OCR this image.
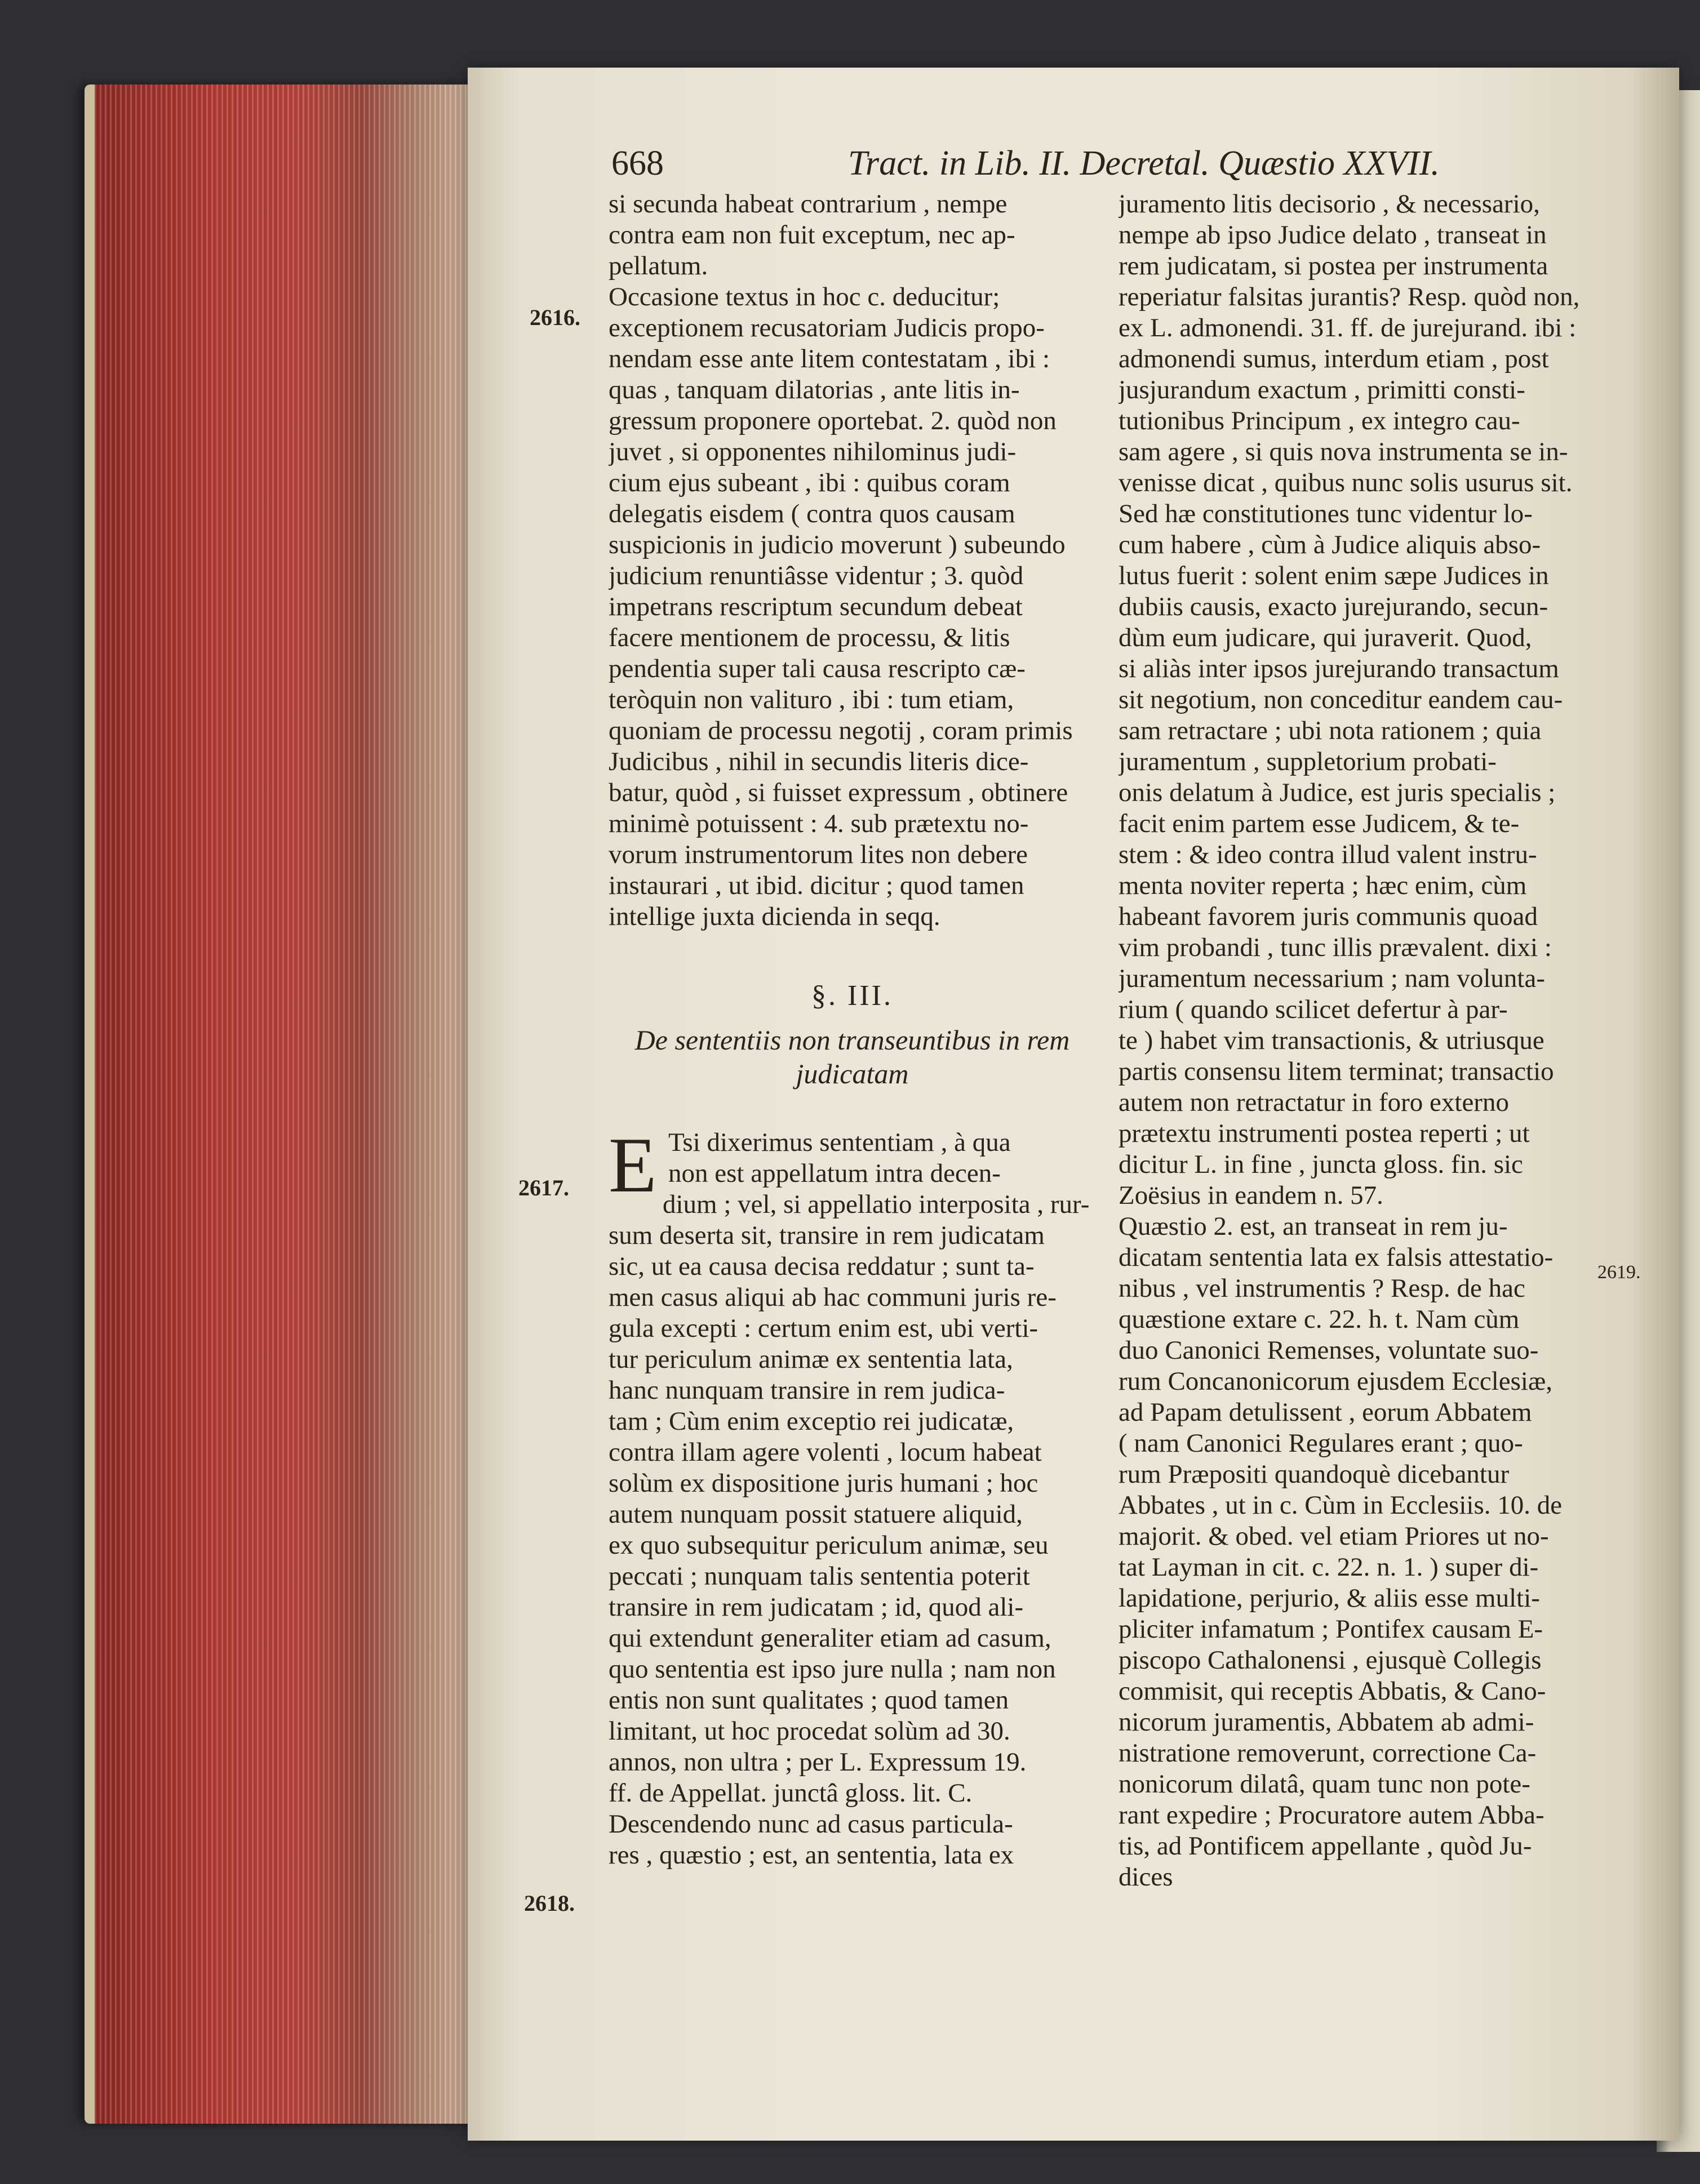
668	Tract. in Lib. II. Decretal. Quæstio XXVII.
2616.
2617.
2618.
2619.
si secunda habeat contrarium , nempe
contra eam non fuit exceptum, nec ap-
pellatum.
Occasione textus in hoc c. deducitur;
exceptionem recusatoriam Judicis propo-
nendam esse ante litem contestatam , ibi :
quas , tanquam dilatorias , ante litis in-
gressum proponere oportebat. 2. quòd non
juvet , si opponentes nihilominus judi-
cium ejus subeant , ibi : quibus coram
delegatis eisdem ( contra quos causam
suspicionis in judicio moverunt ) subeundo
judicium renuntiâsse videntur ; 3. quòd
impetrans rescriptum secundum debeat
facere mentionem de processu, & litis
pendentia super tali causa rescripto cæ-
teròquin non valituro , ibi : tum etiam,
quoniam de processu negotij , coram primis
Judicibus , nihil in secundis literis dice-
batur, quòd , si fuisset expressum , obtinere
minimè potuissent : 4. sub prætextu no-
vorum instrumentorum lites non debere
instaurari , ut ibid. dicitur ; quod tamen
intellige juxta dicienda in seqq.
§. III.
De sententiis non transeuntibus in rem
judicatam
E Tsi dixerimus sententiam , à qua
non est appellatum intra decen-
dium ; vel, si appellatio interposita , rur-
sum deserta sit, transire in rem judicatam
sic, ut ea causa decisa reddatur ; sunt ta-
men casus aliqui ab hac communi juris re-
gula excepti : certum enim est, ubi verti-
tur periculum animæ ex sententia lata,
hanc nunquam transire in rem judica-
tam ; Cùm enim exceptio rei judicatæ,
contra illam agere volenti , locum habeat
solùm ex dispositione juris humani ; hoc
autem nunquam possit statuere aliquid,
ex quo subsequitur periculum animæ, seu
peccati ; nunquam talis sententia poterit
transire in rem judicatam ; id, quod ali-
qui extendunt generaliter etiam ad casum,
quo sententia est ipso jure nulla ; nam non
entis non sunt qualitates ; quod tamen
limitant, ut hoc procedat solùm ad 30.
annos, non ultra ; per L. Expressum 19.
ff. de Appellat. junctâ gloss. lit. C.
Descendendo nunc ad casus particula-
res , quæstio ; est, an sententia, lata ex
juramento litis decisorio , & necessario,
nempe ab ipso Judice delato , transeat in
rem judicatam, si postea per instrumenta
reperiatur falsitas jurantis? Resp. quòd non,
ex L. admonendi. 31. ff. de jurejurand. ibi :
admonendi sumus, interdum etiam , post
jusjurandum exactum , primitti consti-
tutionibus Principum , ex integro cau-
sam agere , si quis nova instrumenta se in-
venisse dicat , quibus nunc solis usurus sit.
Sed hæ constitutiones tunc videntur lo-
cum habere , cùm à Judice aliquis abso-
lutus fuerit : solent enim sæpe Judices in
dubiis causis, exacto jurejurando, secun-
dùm eum judicare, qui juraverit. Quod,
si aliàs inter ipsos jurejurando transactum
sit negotium, non conceditur eandem cau-
sam retractare ; ubi nota rationem ; quia
juramentum , suppletorium probati-
onis delatum à Judice, est juris specialis ;
facit enim partem esse Judicem, & te-
stem : & ideo contra illud valent instru-
menta noviter reperta ; hæc enim, cùm
habeant favorem juris communis quoad
vim probandi , tunc illis prævalent. dixi :
juramentum necessarium ; nam volunta-
rium ( quando scilicet defertur à par-
te ) habet vim transactionis, & utriusque
partis consensu litem terminat; transactio
autem non retractatur in foro externo
prætextu instrumenti postea reperti ; ut
dicitur L. in fine , juncta gloss. fin. sic
Zoësius in eandem n. 57.
Quæstio 2. est, an transeat in rem ju-
dicatam sententia lata ex falsis attestatio-
nibus , vel instrumentis ? Resp. de hac
quæstione extare c. 22. h. t. Nam cùm
duo Canonici Remenses, voluntate suo-
rum Concanonicorum ejusdem Ecclesiæ,
ad Papam detulissent , eorum Abbatem
( nam Canonici Regulares erant ; quo-
rum Præpositi quandoquè dicebantur
Abbates , ut in c. Cùm in Ecclesiis. 10. de
majorit. & obed. vel etiam Priores ut no-
tat Layman in cit. c. 22. n. 1. ) super di-
lapidatione, perjurio, & aliis esse multi-
pliciter infamatum ; Pontifex causam E-
piscopo Cathalonensi , ejusquè Collegis
commisit, qui receptis Abbatis, & Cano-
nicorum juramentis, Abbatem ab admi-
nistratione removerunt, correctione Ca-
nonicorum dilatâ, quam tunc non pote-
rant expedire ; Procuratore autem Abba-
tis, ad Pontificem appellante , quòd Ju-
dices
